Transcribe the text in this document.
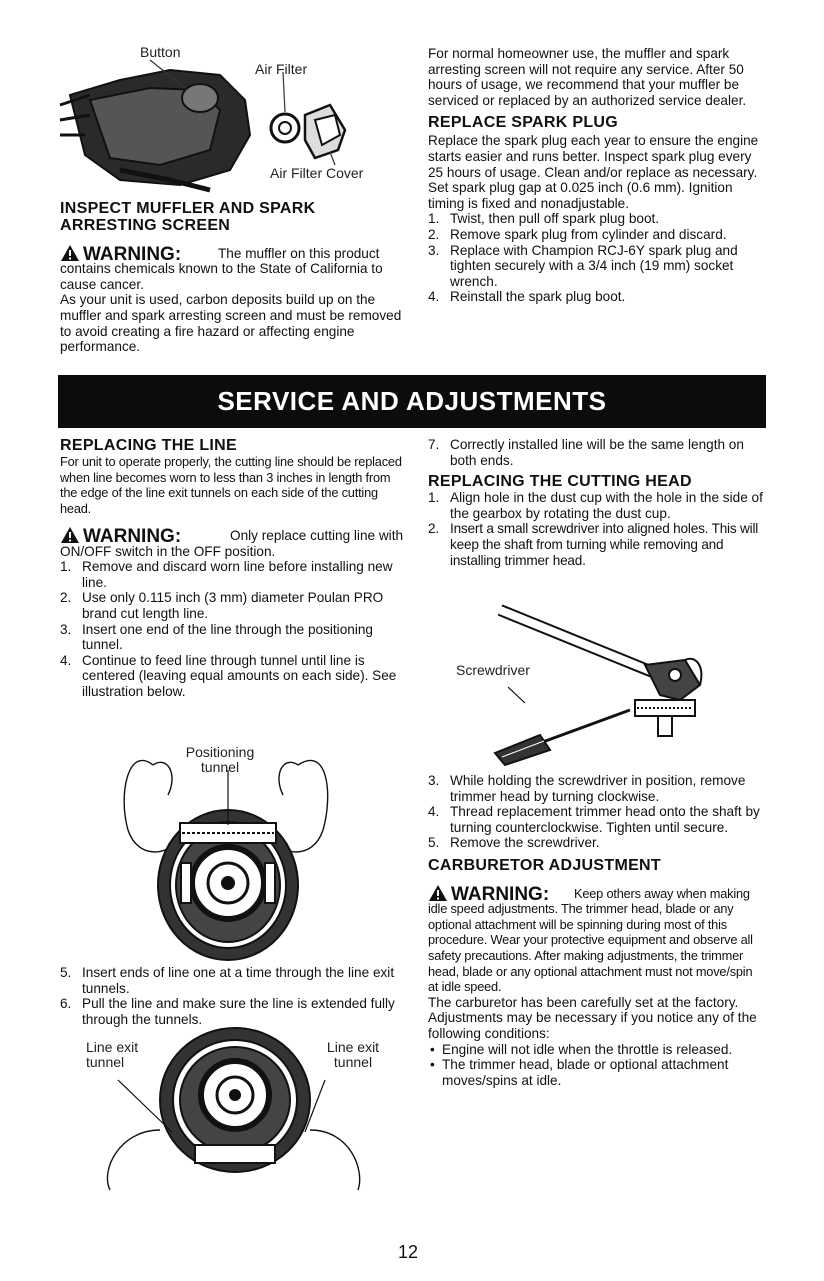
Button
Air Filter
Air Filter Cover
INSPECT MUFFLER AND SPARK ARRESTING SCREEN
WARNING:	The muffler on this product contains chemicals known to the State of California to cause cancer.

As your unit is used, carbon deposits build up on the muffler and spark arresting screen and must be removed to avoid creating a fire hazard or affecting engine performance.

For normal homeowner use, the muffler and spark arresting screen will not require any service. After 50 hours of usage, we recommend that your muffler be serviced or replaced by an authorized service dealer.

REPLACE SPARK PLUG

Replace the spark plug each year to ensure the engine starts easier and runs better. Inspect spark plug every 25 hours of usage. Clean and/or replace as necessary. Set spark plug gap at 0.025 inch (0.6 mm). Ignition timing is fixed and nonadjustable.

1. Twist, then pull off spark plug boot.
2. Remove spark plug from cylinder and discard.
3. Replace with Champion RCJ-6Y spark plug and tighten securely with a 3/4 inch (19 mm) socket wrench.
4. Reinstall the spark plug boot.
SERVICE AND ADJUSTMENTS
REPLACING THE LINE

For unit to operate properly, the cutting line should be replaced when line becomes worn to less than 3 inches in length from the edge of the line exit tunnels on each side of the cutting head.

WARNING:	Only replace cutting line with ON/OFF switch in the OFF position.

1. Remove and discard worn line before installing new line.
2. Use only 0.115 inch (3 mm) diameter Poulan PRO brand cut length line.
3. Insert one end of the line through the positioning tunnel.
4. Continue to feed line through tunnel until line is centered (leaving equal amounts on each side). See illustration below.
Positioning tunnel
5. Insert ends of line one at a time through the line exit tunnels.
6. Pull the line and make sure the line is extended fully through the tunnels.
Line exit tunnel
Line exit tunnel
7. Correctly installed line will be the same length on both ends.
REPLACING THE CUTTING HEAD
1. Align hole in the dust cup with the hole in the side of the gearbox by rotating the dust cup.
2. Insert a small screwdriver into aligned holes. This will keep the shaft from turning while removing and installing trimmer head.
Screwdriver
3. While holding the screwdriver in position, remove trimmer head by turning clockwise.
4. Thread replacement trimmer head onto the shaft by turning counterclockwise. Tighten until secure.
5. Remove the screwdriver.
CARBURETOR ADJUSTMENT
WARNING:	Keep others away when making idle speed adjustments. The trimmer head, blade or any optional attachment will be spinning during most of this procedure. Wear your protective equipment and observe all safety precautions. After making adjustments, the trimmer head, blade or any optional attachment must not move/spin at idle speed.

The carburetor has been carefully set at the factory. Adjustments may be necessary if you notice any of the following conditions:

• Engine will not idle when the throttle is released.
• The trimmer head, blade or optional attachment moves/spins at idle.
12
